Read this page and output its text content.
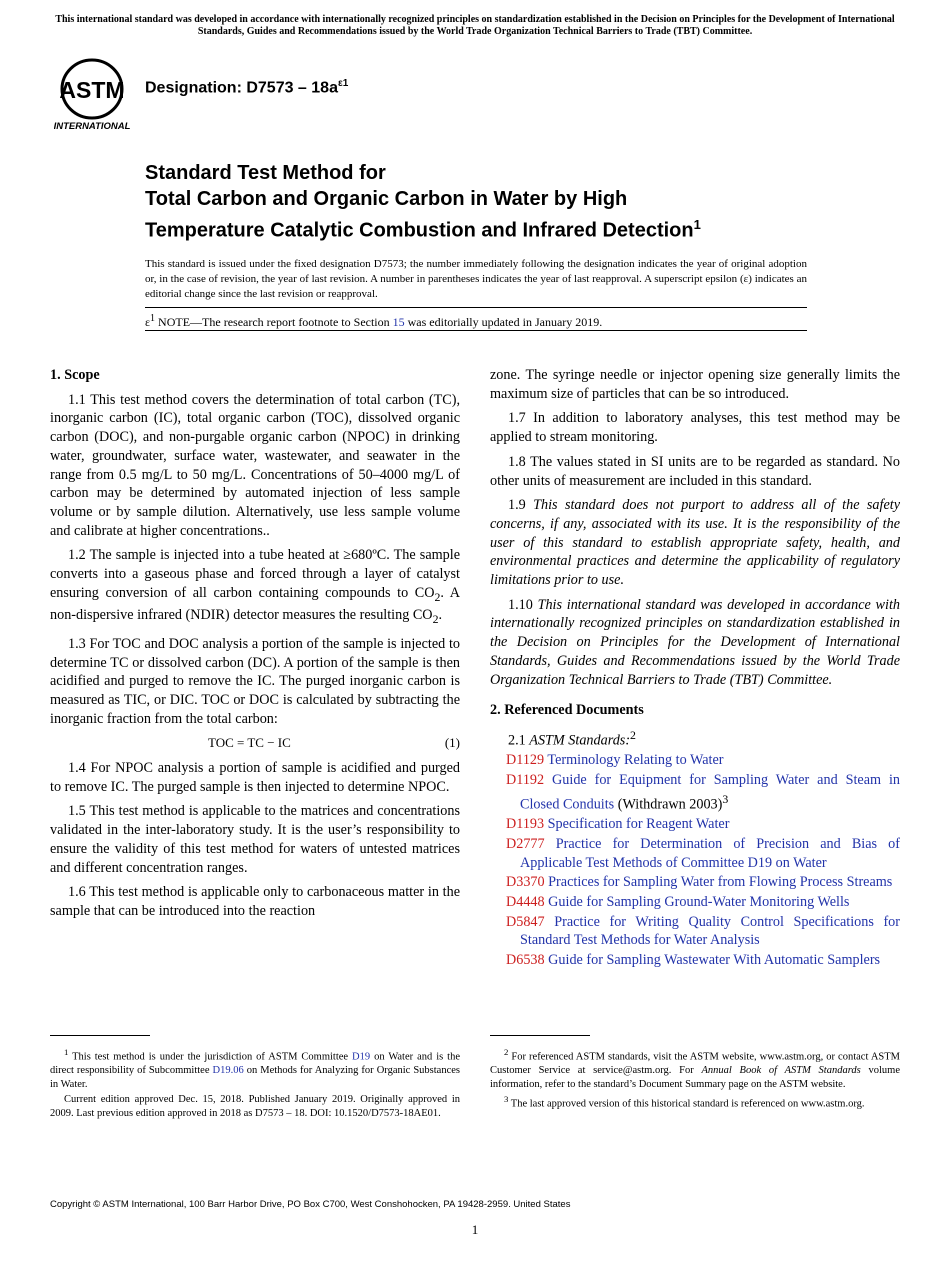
This international standard was developed in accordance with internationally recognized principles on standardization established in the Decision on Principles for the Development of International Standards, Guides and Recommendations issued by the World Trade Organization Technical Barriers to Trade (TBT) Committee.
ASTM
INTERNATIONAL
Designation: $D7573 - 18a^{\varepsilon 1}$
Standard Test Method for
Total Carbon and Organic Carbon in Water by High
Temperature Catalytic Combustion and Infrared Detection$^1$
This standard is issued under the fixed designation D7573; the number immediately following the designation indicates the year of original adoption or, in the case of revision, the year of last revision. A number in parentheses indicates the year of last reapproval. A superscript epsilon (ε) indicates an editorial change since the last revision or reapproval.
$\varepsilon^1$ NOTE—The research report footnote to Section 15 was editorially updated in January 2019.
1. Scope

1.1 This test method covers the determination of total carbon (TC), inorganic carbon (IC), total organic carbon (TOC), dissolved organic carbon (DOC), and non-purgable organic carbon (NPOC) in drinking water, groundwater, surface water, wastewater, and seawater in the range from 0.5 mg/L to 50 mg/L. Concentrations of 50–4000 mg/L of carbon may be determined by automated injection of less sample volume or by sample dilution. Alternatively, use less sample volume and calibrate at higher concentrations..

1.2 The sample is injected into a tube heated at ≥680ºC. The sample converts into a gaseous phase and forced through a layer of catalyst ensuring conversion of all carbon containing compounds to $CO_2$. A non-dispersive infrared (NDIR) detector measures the resulting $CO_2$.

1.3 For TOC and DOC analysis a portion of the sample is injected to determine TC or dissolved carbon (DC). A portion of the sample is then acidified and purged to remove the IC. The purged inorganic carbon is measured as TIC, or DIC. TOC or DOC is calculated by subtracting the inorganic fraction from the total carbon:

TOC = TC − IC	(1)

1.4 For NPOC analysis a portion of sample is acidified and purged to remove IC. The purged sample is then injected to determine NPOC.

1.5 This test method is applicable to the matrices and concentrations validated in the inter-laboratory study. It is the user’s responsibility to ensure the validity of this test method for waters of untested matrices and different concentration ranges.

1.6 This test method is applicable only to carbonaceous matter in the sample that can be introduced into the reaction

zone. The syringe needle or injector opening size generally limits the maximum size of particles that can be so introduced.

1.7 In addition to laboratory analyses, this test method may be applied to stream monitoring.

1.8 The values stated in SI units are to be regarded as standard. No other units of measurement are included in this standard.

1.9 This standard does not purport to address all of the safety concerns, if any, associated with its use. It is the responsibility of the user of this standard to establish appropriate safety, health, and environmental practices and determine the applicability of regulatory limitations prior to use.

1.10 This international standard was developed in accordance with internationally recognized principles on standardization established in the Decision on Principles for the Development of International Standards, Guides and Recommendations issued by the World Trade Organization Technical Barriers to Trade (TBT) Committee.

2. Referenced Documents

2.1 ASTM Standards:$^2$

D1129 Terminology Relating to Water
D1192 Guide for Equipment for Sampling Water and Steam in Closed Conduits (Withdrawn 2003)$^3$
D1193 Specification for Reagent Water
D2777 Practice for Determination of Precision and Bias of Applicable Test Methods of Committee D19 on Water
D3370 Practices for Sampling Water from Flowing Process Streams
D4448 Guide for Sampling Ground-Water Monitoring Wells
D5847 Practice for Writing Quality Control Specifications for Standard Test Methods for Water Analysis
D6538 Guide for Sampling Wastewater With Automatic Samplers

$^1$ This test method is under the jurisdiction of ASTM Committee D19 on Water and is the direct responsibility of Subcommittee D19.06 on Methods for Analyzing for Organic Substances in Water.

Current edition approved Dec. 15, 2018. Published January 2019. Originally approved in 2009. Last previous edition approved in 2018 as D7573 – 18. DOI: 10.1520/D7573-18AE01.

$^2$ For referenced ASTM standards, visit the ASTM website, www.astm.org, or contact ASTM Customer Service at service@astm.org. For Annual Book of ASTM Standards volume information, refer to the standard’s Document Summary page on the ASTM website.

$^3$ The last approved version of this historical standard is referenced on www.astm.org.

Copyright © ASTM International, 100 Barr Harbor Drive, PO Box C700, West Conshohocken, PA 19428-2959. United States
1
